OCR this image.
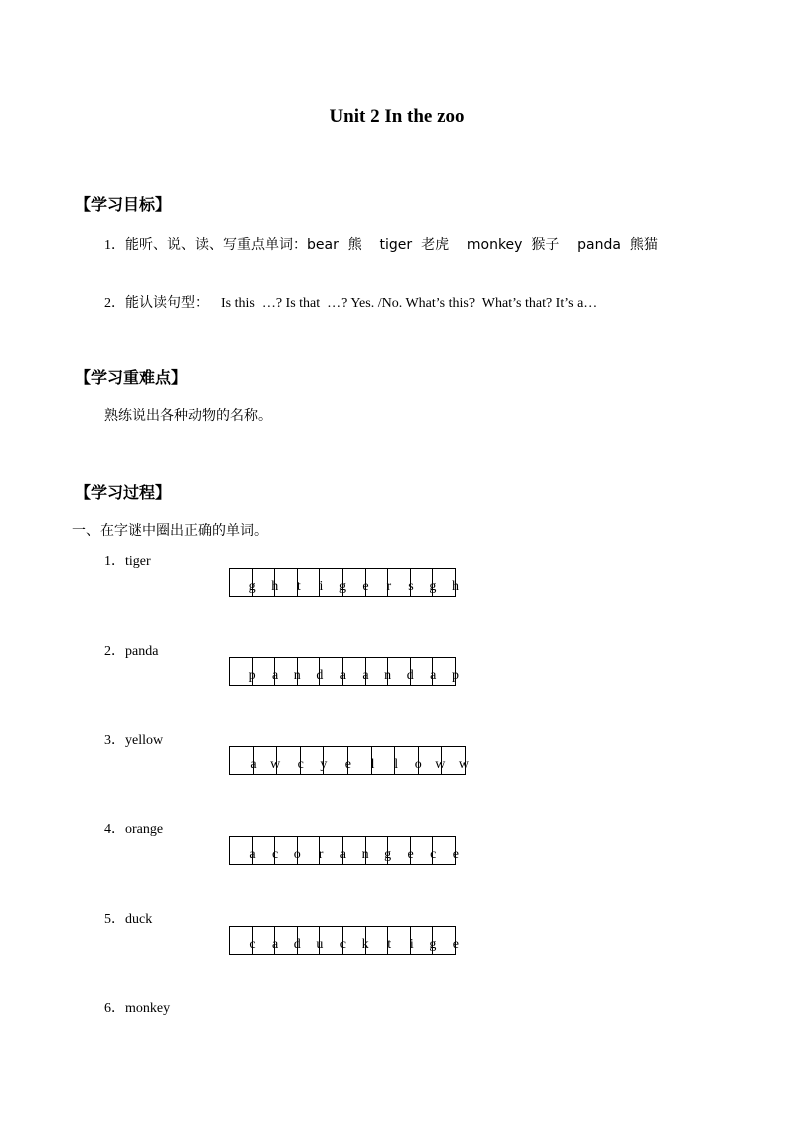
Unit 2 In the zoo
【学习目标】
1．能听、说、读、写重点单词：bear  熊    tiger  老虎    monkey  猴子    panda  熊猫
2．能认读句型： Is this  …? Is that  …? Yes. /No. What’s this?  What’s that? It’s a…
【学习重难点】
熟练说出各种动物的名称。
【学习过程】
一、在字谜中圈出正确的单词。
1．tiger
g h t i g e r s g h
2．panda
p a n d a a n d a p
3．yellow
a w c y e l l o w w
4．orange
a c o r a n g e c e
5．duck
c a d u c k t i g e
6．monkey
